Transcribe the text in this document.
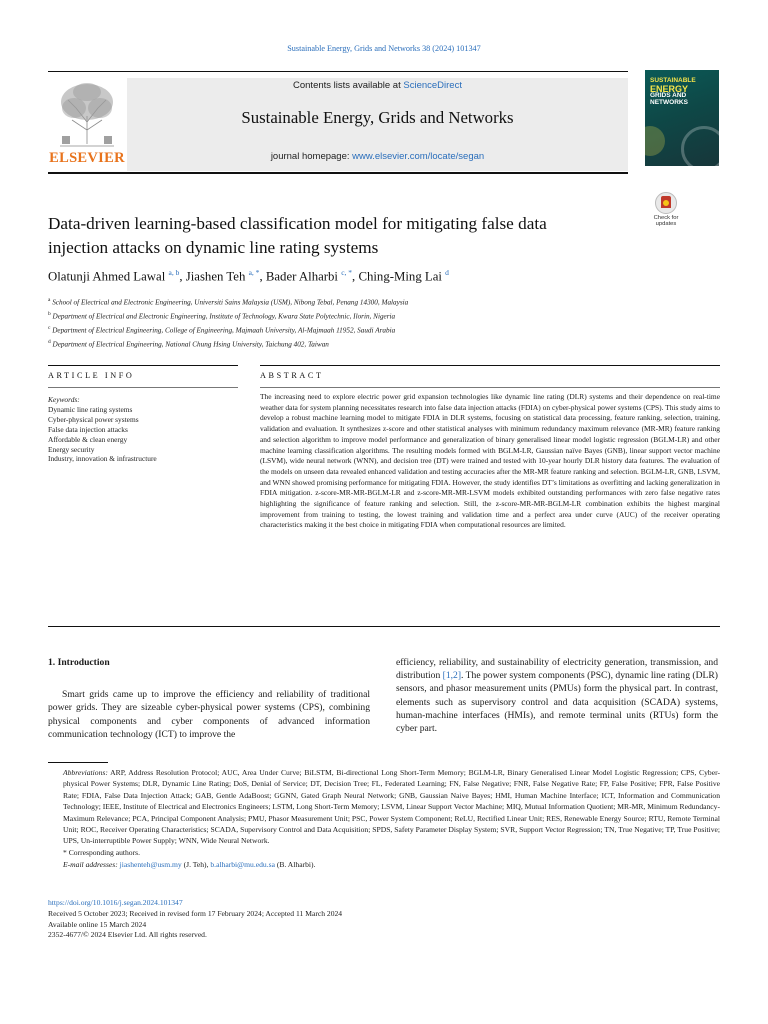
Sustainable Energy, Grids and Networks 38 (2024) 101347
ELSEVIER
Contents lists available at ScienceDirect
Sustainable Energy, Grids and Networks
journal homepage: www.elsevier.com/locate/segan
SUSTAINABLE
ENERGY
GRIDS AND
NETWORKS
Data-driven learning-based classification model for mitigating false data
injection attacks on dynamic line rating systems
Check for
updates
Olatunji Ahmed Lawal $^{a, b}$, Jiashen Teh $^{a, *}$, Bader Alharbi $^{c, *}$, Ching-Ming Lai $^d$
$^a$ School of Electrical and Electronic Engineering, Universiti Sains Malaysia (USM), Nibong Tebal, Penang 14300, Malaysia
$^b$ Department of Electrical and Electronic Engineering, Institute of Technology, Kwara State Polytechnic, Ilorin, Nigeria
$^c$ Department of Electrical Engineering, College of Engineering, Majmaah University, Al-Majmaah 11952, Saudi Arabia
$^d$ Department of Electrical Engineering, National Chung Hsing University, Taichung 402, Taiwan
ARTICLE INFO	ABSTRACT
Keywords:
Dynamic line rating systems
Cyber-physical power systems
False data injection attacks
Affordable & clean energy
Energy security
Industry, innovation & infrastructure
The increasing need to explore electric power grid expansion technologies like dynamic line rating (DLR) systems and their dependence on real-time weather data for system planning necessitates research into false data injection attacks (FDIA) on cyber-physical power systems (CPS). This study aims to develop a robust machine learning model to mitigate FDIA in DLR systems, focusing on statistical data processing, feature ranking, selection, training, validation and evaluation. It synthesizes z-score and other statistical analyses with minimum redundancy maximum relevance (MR-MR) feature ranking and selection algorithm to improve model performance and generalization of binary generalised linear model logistic regression (BGLM-LR) and other machine learning classification algorithms. The resulting models formed with BGLM-LR, Gaussian naïve Bayes (GNB), linear support vector machine (LSVM), wide neural network (WNN), and decision tree (DT) were trained and tested with 10-year hourly DLR history data features. The evaluation of the models on unseen data revealed enhanced validation and testing accuracies after the MR-MR feature ranking and selection. BGLM-LR, GNB, LSVM, and WNN showed promising performance for mitigating FDIA. However, the study identifies DT’s limitations as overfitting and lacking generalization in FDIA mitigation. z-score-MR-MR-BGLM-LR and z-score-MR-MR-LSVM models exhibited outstanding performances with zero false negative rates highlighting the significance of feature ranking and selection. Still, the z-score-MR-MR-BGLM-LR combination exhibits the highest marginal improvement from training to testing, the lowest training and validation time and a perfect area under curve (AUC) of the receiver operating characteristics making it the best choice in mitigating FDIA when computational resources are limited.
1. Introduction

Smart grids came up to improve the efficiency and reliability of traditional power grids. They are sizeable cyber-physical power systems (CPS), combining physical components and cyber components of advanced information communication technology (ICT) to improve the

efficiency, reliability, and sustainability of electricity generation, transmission, and distribution [1,2]. The power system components (PSC), dynamic line rating (DLR) sensors, and phasor measurement units (PMUs) form the physical part. In contrast, elements such as supervisory control and data acquisition (SCADA) systems, human-machine interfaces (HMIs), and remote terminal units (RTUs) form the cyber part.

Abbreviations: ARP, Address Resolution Protocol; AUC, Area Under Curve; BiLSTM, Bi-directional Long Short-Term Memory; BGLM-LR, Binary Generalised Linear Model Logistic Regression; CPS, Cyber-physical Power Systems; DLR, Dynamic Line Rating; DoS, Denial of Service; DT, Decision Tree; FL, Federated Learning; FN, False Negative; FNR, False Negative Rate; FP, False Positive; FPR, False Positive Rate; FDIA, False Data Injection Attack; GAB, Gentle AdaBoost; GGNN, Gated Graph Neural Network; GNB, Gaussian Naive Bayes; HMI, Human Machine Interface; ICT, Information and Communication Technology; IEEE, Institute of Electrical and Electronics Engineers; LSTM, Long Short-Term Memory; LSVM, Linear Support Vector Machine; MIQ, Mutual Information Quotient; MR-MR, Minimum Redundancy-Maximum Relevance; PCA, Principal Component Analysis; PMU, Phasor Measurement Unit; PSC, Power System Component; ReLU, Rectified Linear Unit; RES, Renewable Energy Source; RTU, Remote Terminal Unit; ROC, Receiver Operating Characteristics; SCADA, Supervisory Control and Data Acquisition; SPDS, Safety Parameter Display System; SVR, Support Vector Regression; TN, True Negative; TP, True Positive; UPS, Un-interruptible Power Supply; WNN, Wide Neural Network.
* Corresponding authors.
E-mail addresses: jiashenteh@usm.my (J. Teh), b.alharbi@mu.edu.sa (B. Alharbi).
https://doi.org/10.1016/j.segan.2024.101347
Received 5 October 2023; Received in revised form 17 February 2024; Accepted 11 March 2024
Available online 15 March 2024
2352-4677/© 2024 Elsevier Ltd. All rights reserved.
